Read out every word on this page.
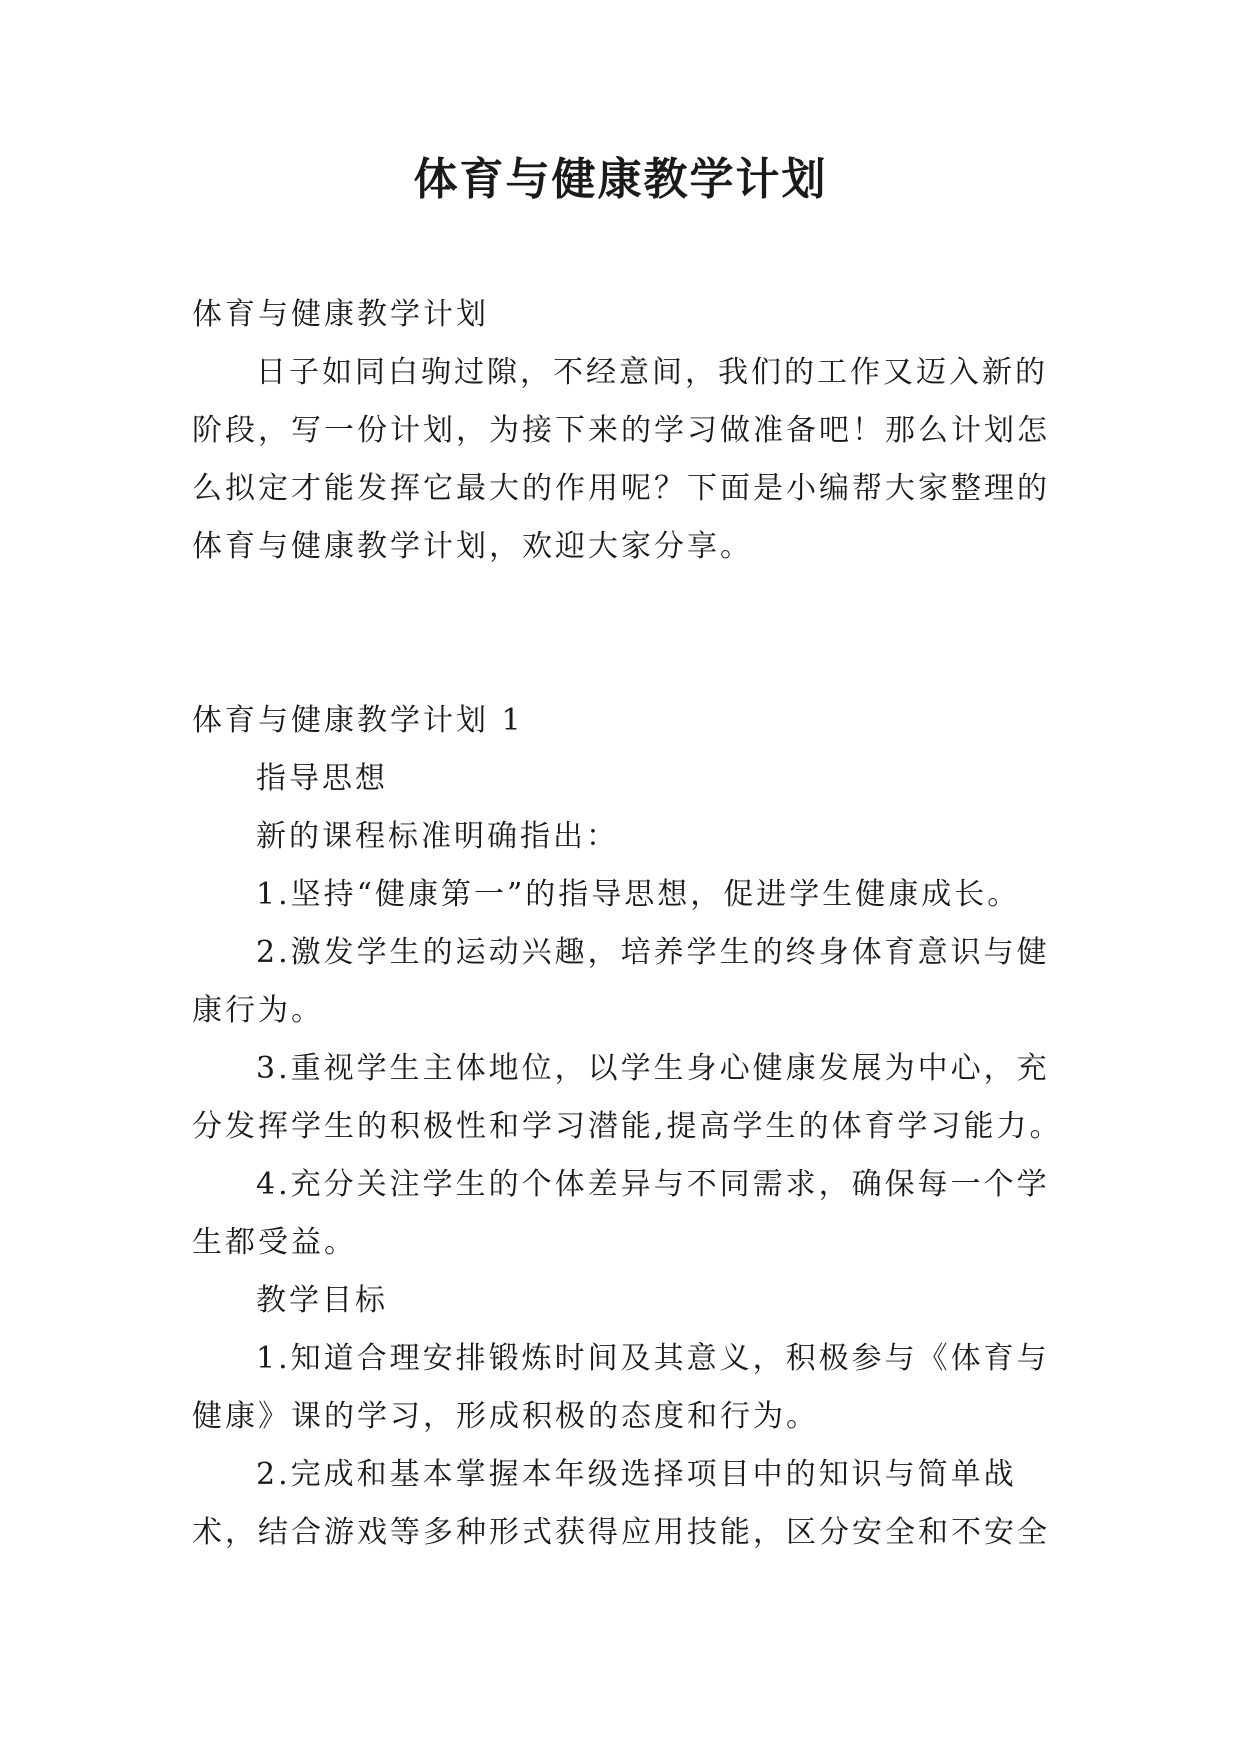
体育与健康教学计划

体育与健康教学计划

日子如同白驹过隙，不经意间，我们的工作又迈入新的阶段，写一份计划，为接下来的学习做准备吧！那么计划怎么拟定才能发挥它最大的作用呢？下面是小编帮大家整理的体育与健康教学计划，欢迎大家分享。

体育与健康教学计划 1

指导思想

新的课程标准明确指出：

1.坚持“健康第一”的指导思想，促进学生健康成长。

2.激发学生的运动兴趣，培养学生的终身体育意识与健康行为。

3.重视学生主体地位，以学生身心健康发展为中心，充分发挥学生的积极性和学习潜能,提高学生的体育学习能力。

4.充分关注学生的个体差异与不同需求，确保每一个学生都受益。

教学目标

1.知道合理安排锻炼时间及其意义，积极参与《体育与健康》课的学习，形成积极的态度和行为。

2.完成和基本掌握本年级选择项目中的知识与简单战术，结合游戏等多种形式获得应用技能，区分安全和不安全
